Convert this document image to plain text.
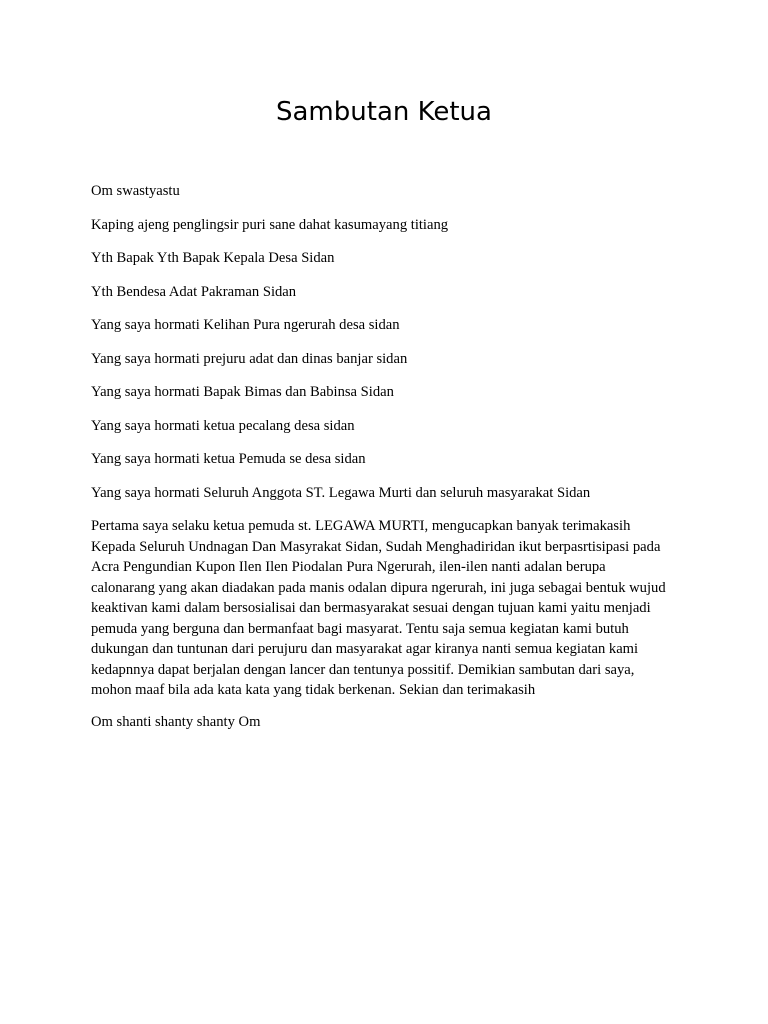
Sambutan Ketua

Om swastyastu

Kaping ajeng penglingsir puri sane dahat kasumayang titiang

Yth Bapak Yth Bapak Kepala Desa Sidan

Yth Bendesa Adat Pakraman Sidan

Yang saya hormati Kelihan Pura ngerurah desa sidan

Yang saya hormati prejuru adat dan dinas banjar sidan

Yang saya hormati Bapak Bimas dan Babinsa Sidan

Yang saya hormati ketua pecalang desa sidan

Yang saya hormati ketua Pemuda se desa sidan

Yang saya hormati Seluruh Anggota ST. Legawa Murti dan seluruh masyarakat Sidan

Pertama saya selaku ketua pemuda st. LEGAWA MURTI, mengucapkan banyak terimakasih Kepada Seluruh Undnagan Dan Masyrakat Sidan, Sudah Menghadiridan ikut berpasrtisipasi pada Acra Pengundian Kupon Ilen Ilen Piodalan Pura Ngerurah, ilen-ilen nanti adalan berupa calonarang yang akan diadakan pada manis odalan dipura ngerurah, ini juga sebagai bentuk wujud keaktivan kami dalam bersosialisai dan bermasyarakat sesuai dengan tujuan kami yaitu menjadi pemuda yang berguna dan bermanfaat bagi masyarat. Tentu saja semua kegiatan kami butuh dukungan dan tuntunan dari perujuru dan masyarakat agar kiranya nanti semua kegiatan kami kedapnnya dapat berjalan dengan lancer dan tentunya possitif. Demikian sambutan dari saya, mohon maaf bila ada kata kata yang tidak berkenan. Sekian dan terimakasih

Om shanti shanty shanty Om
